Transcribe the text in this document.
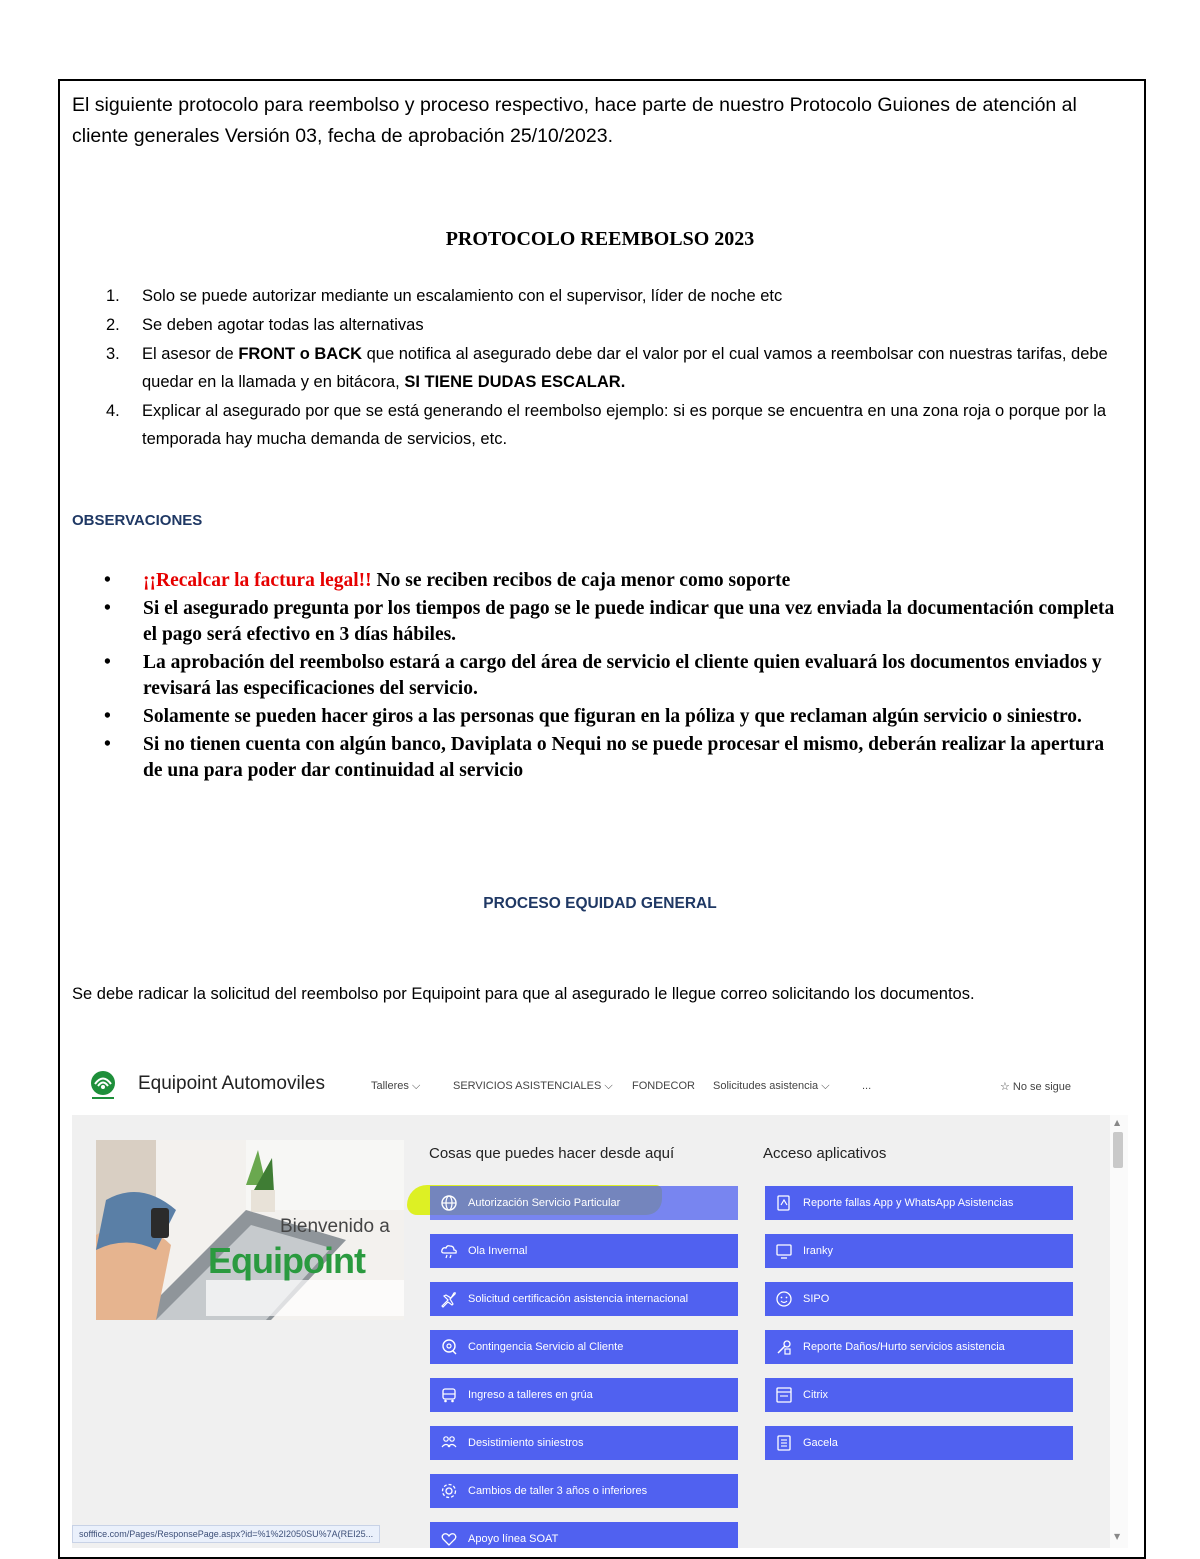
El siguiente protocolo para reembolso y proceso respectivo, hace parte de nuestro Protocolo Guiones de atención al cliente generales Versión 03, fecha de aprobación 25/10/2023.
PROTOCOLO REEMBOLSO 2023
1. Solo se puede autorizar mediante un escalamiento con el supervisor, líder de noche etc
2. Se deben agotar todas las alternativas
3. El asesor de FRONT o BACK que notifica al asegurado debe dar el valor por el cual vamos a reembolsar con nuestras tarifas, debe quedar en la llamada y en bitácora, SI TIENE DUDAS ESCALAR.
4. Explicar al asegurado por que se está generando el reembolso ejemplo: si es porque se encuentra en una zona roja o porque por la temporada hay mucha demanda de servicios, etc.
OBSERVACIONES
• ¡¡Recalcar la factura legal!! No se reciben recibos de caja menor como soporte
• Si el asegurado pregunta por los tiempos de pago se le puede indicar que una vez enviada la documentación completa el pago será efectivo en 3 días hábiles.
• La aprobación del reembolso estará a cargo del área de servicio el cliente quien evaluará los documentos enviados y revisará las especificaciones del servicio.
• Solamente se pueden hacer giros a las personas que figuran en la póliza y que reclaman algún servicio o siniestro.
• Si no tienen cuenta con algún banco, Daviplata o Nequi no se puede procesar el mismo, deberán realizar la apertura de una para poder dar continuidad al servicio
PROCESO EQUIDAD GENERAL
Se debe radicar la solicitud del reembolso por Equipoint para que al asegurado le llegue correo solicitando los documentos.
Equipoint Automoviles	Talleres ⌵	SERVICIOS ASISTENCIALES ⌵ FONDECOR Solicitudes asistencia ⌵	...	☆ No se sigue
Bienvenido a
Equipoint
Cosas que puedes hacer desde aquí	Acceso aplicativos
Autorización Servicio Particular
Ola Invernal
Solicitud certificación asistencia internacional
Contingencia Servicio al Cliente
Ingreso a talleres en grúa
Desistimiento siniestros
Cambios de taller 3 años o inferiores
Apoyo línea SOAT
Reporte fallas App y WhatsApp Asistencias
Iranky
SIPO
Reporte Daños/Hurto servicios asistencia
Citrix
Gacela
▲
▼
sofffice.com/Pages/ResponsePage.aspx?id=%1%2I2050SU%7A(REI25...
